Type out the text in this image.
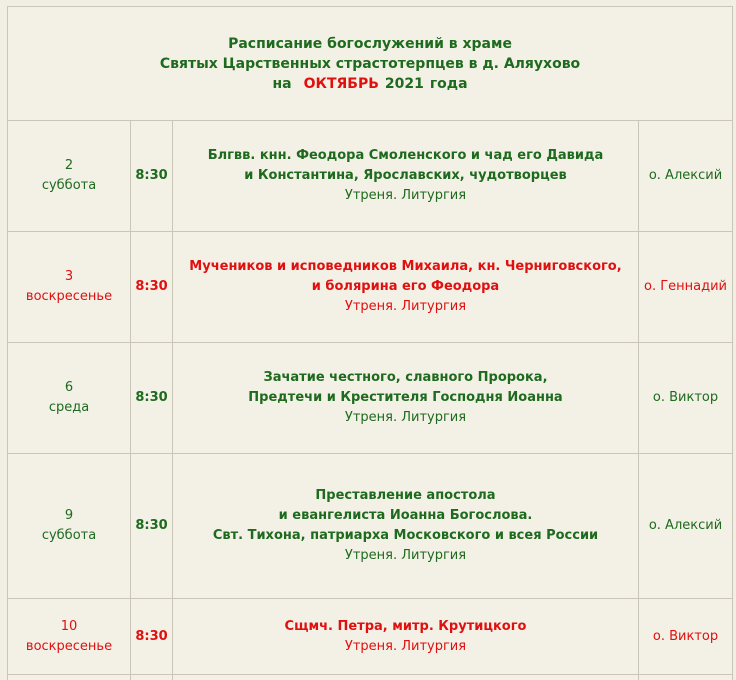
Расписание богослужений в храме
Святых Царственных страстотерпцев в д. Аляухово
на ОКТЯБРЬ 2021 года			

2
суббота	8:30	Блгвв. кнн. Феодора Смоленского и чад его Давида
и Константина, Ярославских, чудотворцев
Утреня. Литургия	о. Алексий

3
воскресенье	8:30	Мучеников и исповедников Михаила, кн. Черниговского,
и болярина его Феодора
Утреня. Литургия	о. Геннадий

6
среда	8:30	Зачатие честного, славного Пророка,
Предтечи и Крестителя Господня Иоанна
Утреня. Литургия	о. Виктор

9
суббота	8:30	Преставление апостола
и евангелиста Иоанна Богослова.
Свт. Тихона, патриарха Московского и всея России
Утреня. Литургия	о. Алексий

10
воскресенье	8:30	Сщмч. Петра, митр. Крутицкого
Утреня. Литургия	о. Виктор
